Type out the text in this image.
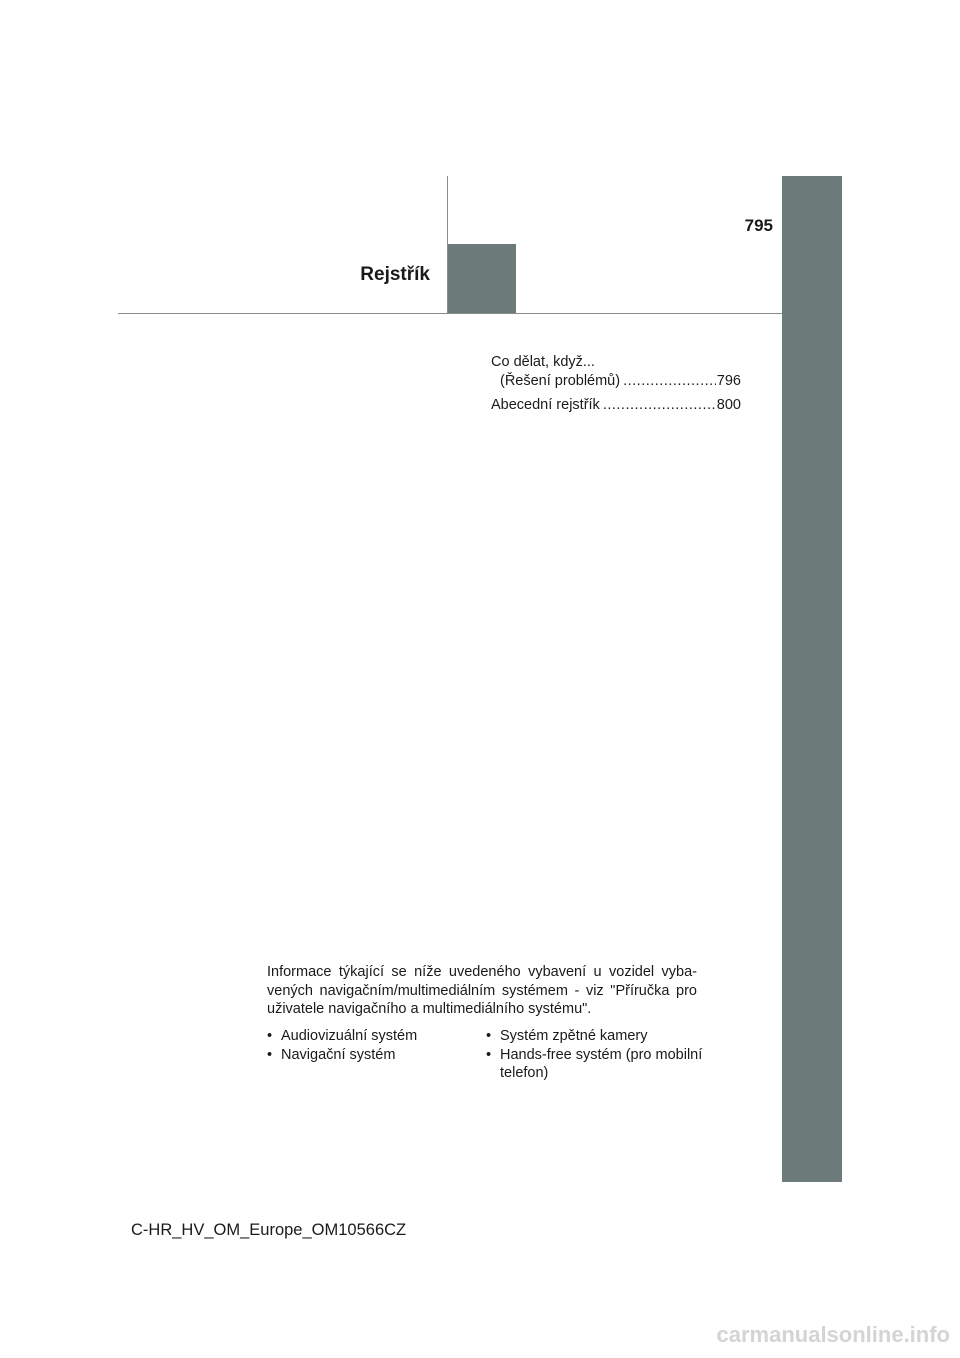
795
Rejstřík
Co dělat, když...
(Řešení problémů) .....	796
Abecední rejstřík .....	800
Informace týkající se níže uvedeného vybavení u vozidel vyba- vených navigačním/multimediálním systémem - viz "Příručka pro uživatele navigačního a multimediálního systému".
• Audiovizuální systém
• Navigační systém
• Systém zpětné kamery
• Hands-free systém (pro mobilní telefon)
C-HR_HV_OM_Europe_OM10566CZ
carmanualsonline.info
